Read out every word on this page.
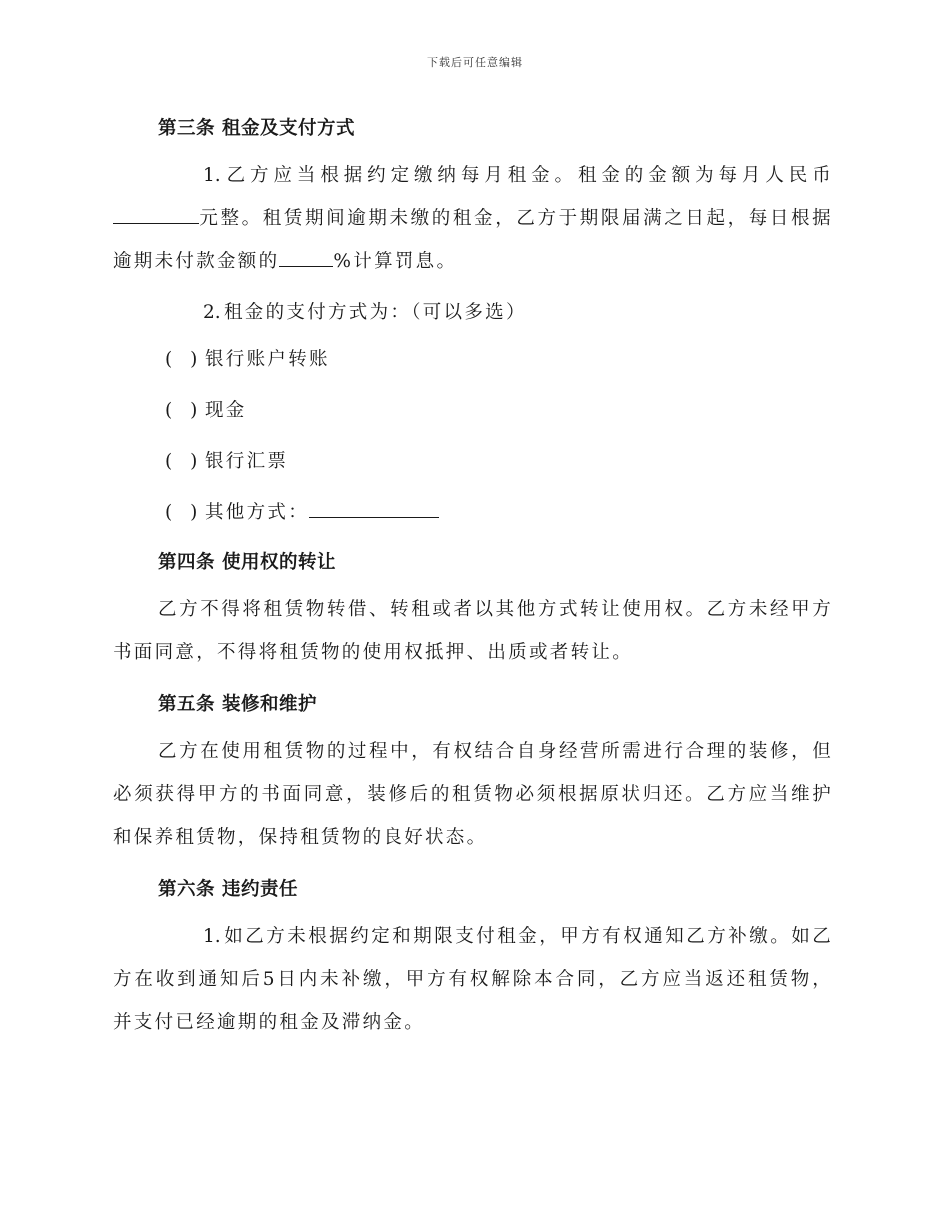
下载后可任意编辑
第三条 租金及支付方式

1. 乙方应当根据约定缴纳每月租金。租金的金额为每月人民币元整。租赁期间逾期未缴的租金，乙方于期限届满之日起，每日根据逾期未付款金额的	%计算罚息。

2. 租金的支付方式为：（可以多选）

( )银行账户转账
( )现金
( )银行汇票
( )其他方式：
第四条 使用权的转让

乙方不得将租赁物转借、转租或者以其他方式转让使用权。乙方未经甲方书面同意，不得将租赁物的使用权抵押、出质或者转让。

第五条 装修和维护

乙方在使用租赁物的过程中，有权结合自身经营所需进行合理的装修，但必须获得甲方的书面同意，装修后的租赁物必须根据原状归还。乙方应当维护和保养租赁物，保持租赁物的良好状态。

第六条 违约责任

1. 如乙方未根据约定和期限支付租金，甲方有权通知乙方补缴。如乙方在收到通知后5日内未补缴，甲方有权解除本合同，乙方应当返还租赁物，并支付已经逾期的租金及滞纳金。
